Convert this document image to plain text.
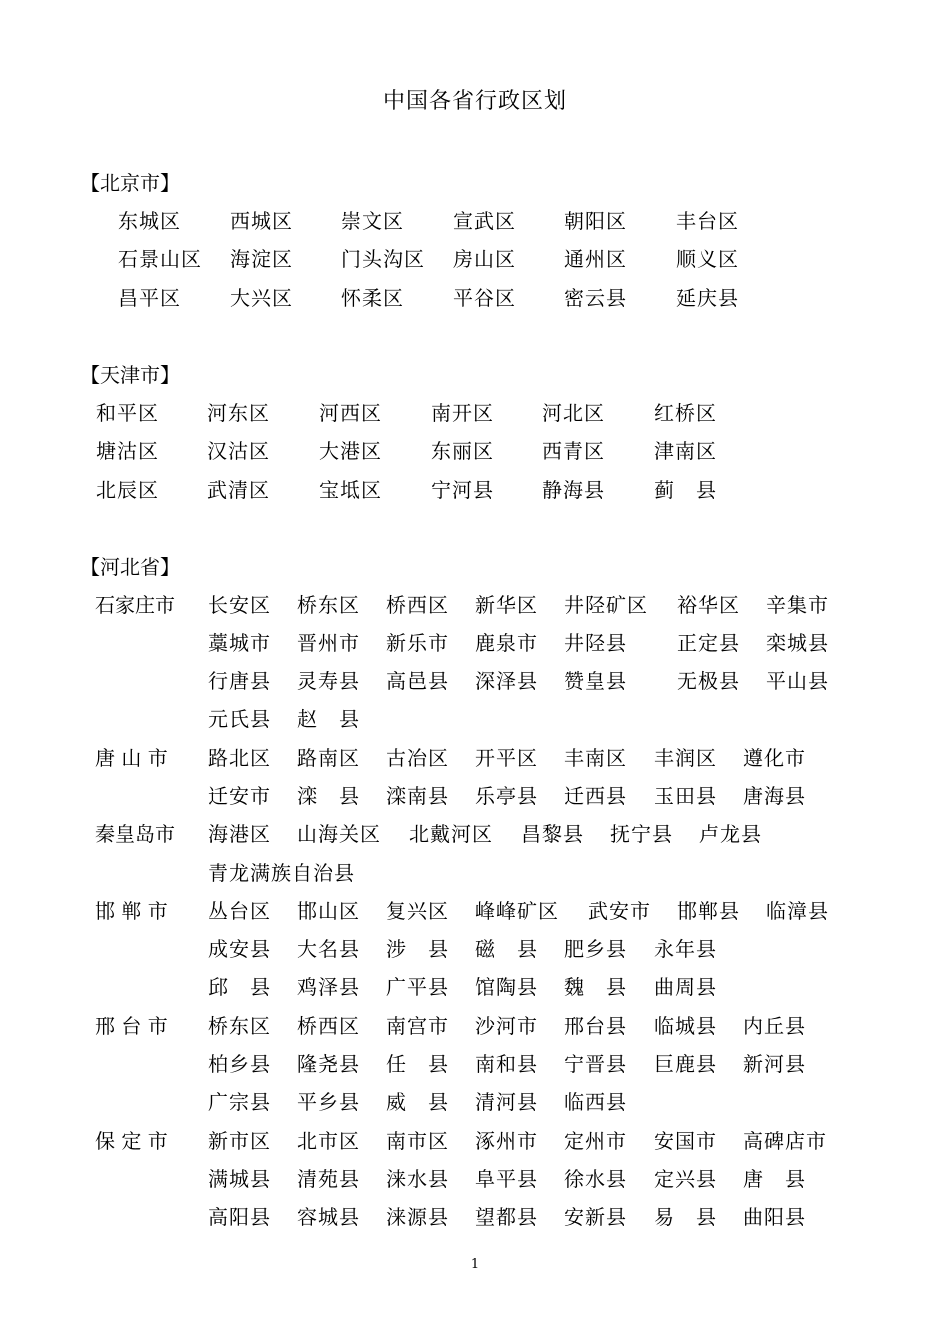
中国各省行政区划
【北京市】
东城区 西城区 崇文区 宣武区 朝阳区 丰台区
石景山区 海淀区 门头沟区 房山区 通州区 顺义区
昌平区 大兴区 怀柔区 平谷区 密云县 延庆县
【天津市】
和平区 河东区 河西区 南开区 河北区 红桥区
塘沽区 汉沽区 大港区 东丽区 西青区 津南区
北辰区 武清区 宝坻区 宁河县 静海县 蓟　县
【河北省】
石家庄市 长安区 桥东区 桥西区 新华区 井陉矿区 裕华区 辛集市
藁城市 晋州市 新乐市 鹿泉市 井陉县	正定县 栾城县
行唐县 灵寿县 高邑县 深泽县 赞皇县	无极县 平山县
元氏县 赵　县
唐 山 市 路北区 路南区 古冶区 开平区 丰南区 丰润区 遵化市
迁安市 滦　县 滦南县 乐亭县 迁西县 玉田县 唐海县
秦皇岛市 海港区 山海关区 北戴河区 昌黎县 抚宁县 卢龙县
青龙满族自治县
邯 郸 市 丛台区 邯山区 复兴区 峰峰矿区 武安市 邯郸县 临漳县
成安县 大名县 涉　县 磁　县 肥乡县 永年县
邱　县 鸡泽县 广平县 馆陶县 魏　县 曲周县
邢 台 市 桥东区 桥西区 南宫市 沙河市 邢台县 临城县 内丘县
柏乡县 隆尧县 任　县 南和县 宁晋县 巨鹿县 新河县
广宗县 平乡县 威　县 清河县 临西县
保 定 市 新市区 北市区 南市区 涿州市 定州市 安国市 高碑店市
满城县 清苑县 涞水县 阜平县 徐水县 定兴县 唐　县
高阳县 容城县 涞源县 望都县 安新县 易　县 曲阳县
1
